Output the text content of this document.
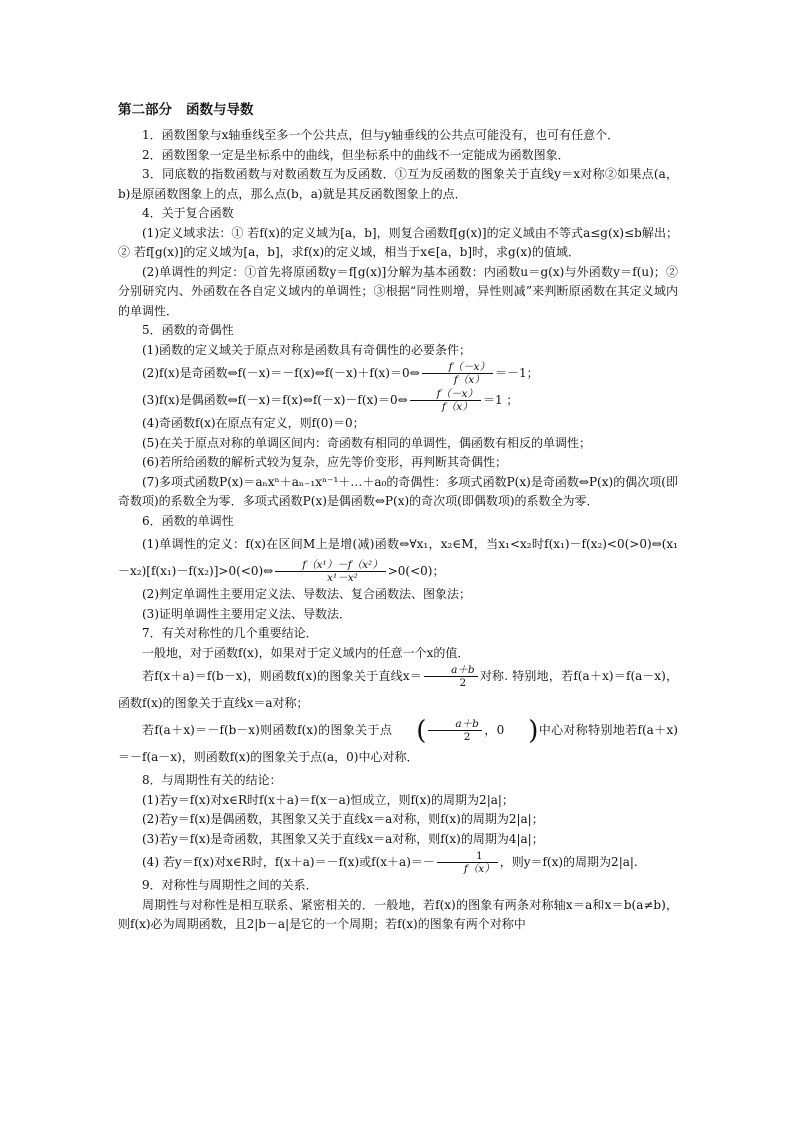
第二部分 函数与导数

1．函数图象与x轴垂线至多一个公共点，但与y轴垂线的公共点可能没有，也可有任意个．

2．函数图象一定是坐标系中的曲线，但坐标系中的曲线不一定能成为函数图象．

3．同底数的指数函数与对数函数互为反函数．①互为反函数的图象关于直线y＝x对称②如果点(a，b)是原函数图象上的点，那么点(b，a)就是其反函数图象上的点．

4．关于复合函数

(1)定义域求法：① 若f(x)的定义域为[a，b]，则复合函数f[g(x)]的定义域由不等式a≤g(x)≤b解出；② 若f[g(x)]的定义域为[a，b]，求f(x)的定义域，相当于x∈[a，b]时，求g(x)的值域．

(2)单调性的判定：①首先将原函数y＝f[g(x)]分解为基本函数：内函数u＝g(x)与外函数y＝f(u)；②分别研究内、外函数在各自定义域内的单调性；③根据“同性则增，异性则减”来判断原函数在其定义域内的单调性．

5．函数的奇偶性

(1)函数的定义域关于原点对称是函数具有奇偶性的必要条件；

(2)f(x)是奇函数⇔f(－x)＝－f(x)⇔f(－x)＋f(x)＝0⇔ $\frac{f(-x)}{f(x)} =-1$；

(3)f(x)是偶函数⇔f(－x)＝f(x)⇔f(－x)－f(x)＝0⇔ $\frac{f(-x)}{f(x)} =1$ ；

(4)奇函数f(x)在原点有定义，则f(0)＝0；

(5)在关于原点对称的单调区间内：奇函数有相同的单调性，偶函数有相反的单调性；

(6)若所给函数的解析式较为复杂，应先等价变形，再判断其奇偶性；

(7)多项式函数P(x)＝aₙxⁿ＋aₙ₋₁xⁿ⁻¹＋…＋a₀的奇偶性：多项式函数P(x)是奇函数⇔P(x)的偶次项(即奇数项)的系数全为零．多项式函数P(x)是偶函数⇔P(x)的奇次项(即偶数项)的系数全为零．

6．函数的单调性

(1)单调性的定义：f(x)在区间M上是增(减)函数⇔∀x₁，x₂∈M，当x₁<x₂时f(x₁)－f(x₂)<0(>0)⇔(x₁－x₂)[f(x₁)－f(x₂)]>0(<0)⇔ $\frac{\text{f（x¹）－f（x²）}}{\text{x¹－x²}} >0(<0)$；

(2)判定单调性主要用定义法、导数法、复合函数法、图象法；

(3)证明单调性主要用定义法、导数法．

7．有关对称性的几个重要结论．

一般地，对于函数f(x)，如果对于定义域内的任意一个x的值．

若f(x＋a)＝f(b－x)，则函数f(x)的图象关于直线$x= \frac{a+b}{2}$ 对称. 特别地，若f(a＋x)＝f(a－x)，函数f(x)的图象关于直线x＝a对称；

若f(a＋x)＝－f(b－x)则函数f(x)的图象关于点 ( $\frac{a+b}{2}$ ，0 )中心对称特别地若f(a＋x)＝－f(a－x)，则函数f(x)的图象关于点(a，0)中心对称．

8．与周期性有关的结论：

(1)若y＝f(x)对x∈R时f(x＋a)＝f(x－a)恒成立，则f(x)的周期为2|a|；

(2)若y＝f(x)是偶函数，其图象又关于直线x＝a对称，则f(x)的周期为2|a|；

(3)若y＝f(x)是奇函数，其图象又关于直线x＝a对称，则f(x)的周期为4|a|；

(4) 若y＝f(x)对x∈R时，f(x＋a)＝－f(x)或$f(x+a)=- \frac{1}{f(x)}$ ，则y＝f(x)的周期为2|a|.

9．对称性与周期性之间的关系．

周期性与对称性是相互联系、紧密相关的．一般地，若f(x)的图象有两条对称轴x＝a和x＝b(a≠b)，则f(x)必为周期函数，且2|b－a|是它的一个周期；若f(x)的图象有两个对称中
